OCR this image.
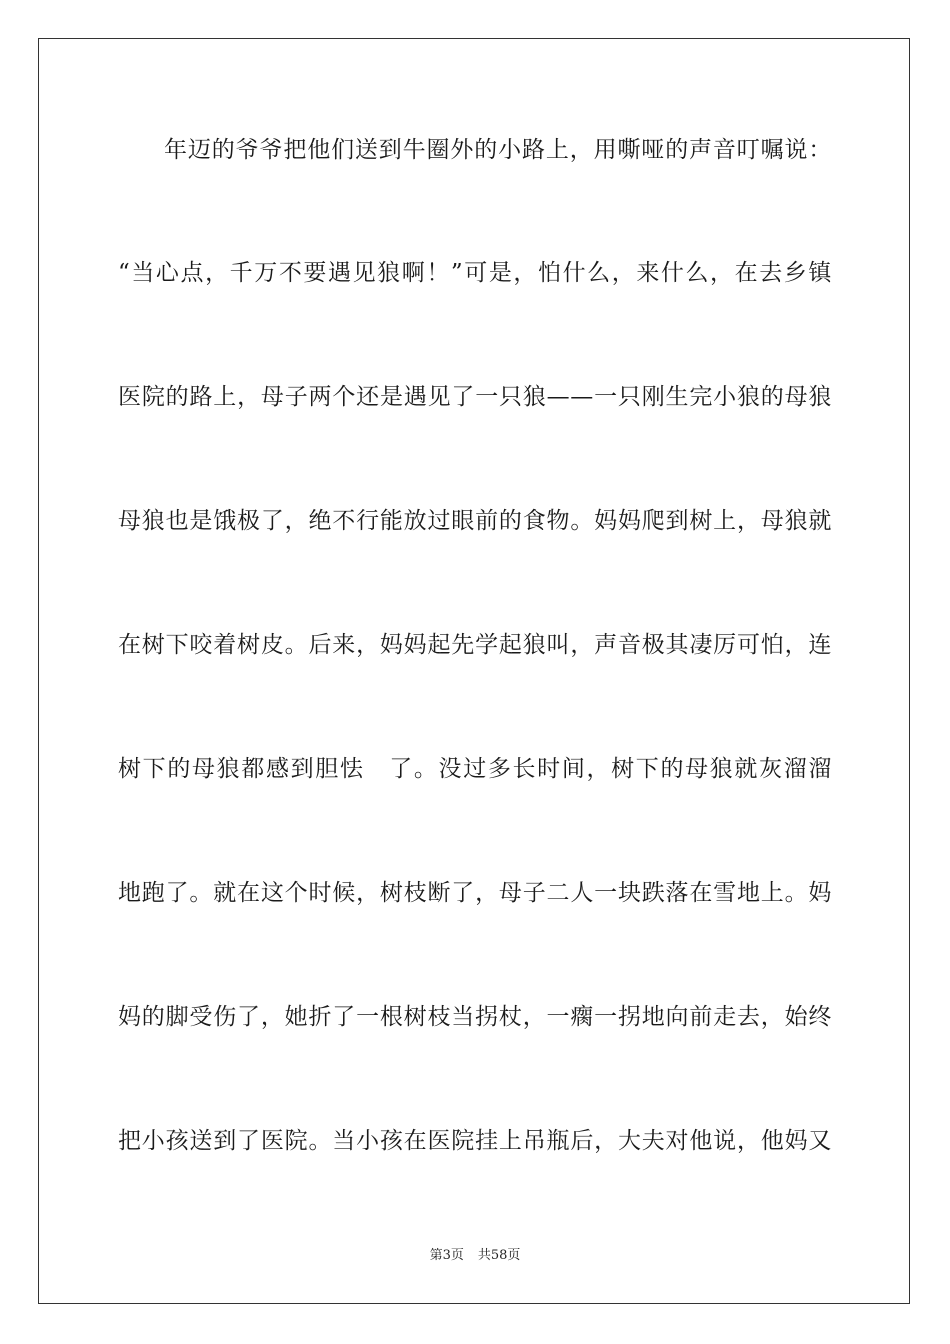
年迈的爷爷把他们送到牛圈外的小路上，用嘶哑的声音叮嘱说：
“当心点，千万不要遇见狼啊！”可是，怕什么，来什么，在去乡镇
医院的路上，母子两个还是遇见了一只狼——一只刚生完小狼的母狼
母狼也是饿极了，绝不行能放过眼前的食物。妈妈爬到树上，母狼就
在树下咬着树皮。后来，妈妈起先学起狼叫，声音极其凄厉可怕，连
树下的母狼都感到胆怯　了。没过多长时间，树下的母狼就灰溜溜
地跑了。就在这个时候，树枝断了，母子二人一块跌落在雪地上。妈
妈的脚受伤了，她折了一根树枝当拐杖，一瘸一拐地向前走去，始终
把小孩送到了医院。当小孩在医院挂上吊瓶后，大夫对他说，他妈又
第3页 共58页
